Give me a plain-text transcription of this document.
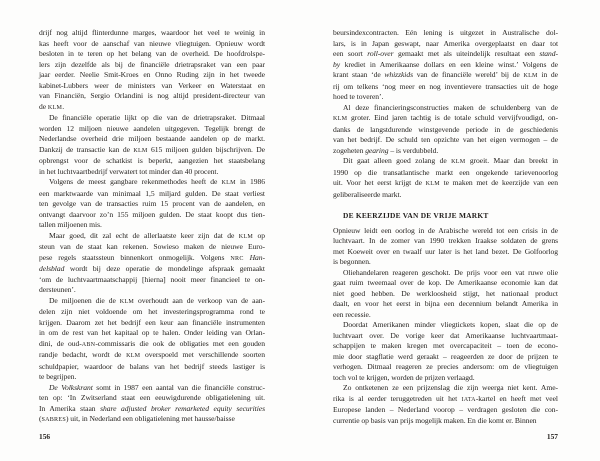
drijf nog altijd flinterdunne marges, waardoor het veel te weinig in
kas heeft voor de aanschaf van nieuwe vliegtuigen. Opnieuw wordt
besloten in te teren op het belang van de overheid. De hoofdrolspe-
lers zijn dezelfde als bij de financiële drietrapsraket van een paar
jaar eerder. Neelie Smit-Kroes en Onno Ruding zijn in het tweede
kabinet-Lubbers weer de ministers van Verkeer en Waterstaat en
van Financiën, Sergio Orlandini is nog altijd president-directeur van
de KLM.
De financiële operatie lijkt op die van de drietrapsraket. Ditmaal
worden 12 miljoen nieuwe aandelen uitgegeven. Tegelijk brengt de
Nederlandse overheid drie miljoen bestaande aandelen op de markt.
Dankzij de transactie kan de KLM 615 miljoen gulden bijschrijven. De
opbrengst voor de schatkist is beperkt, aangezien het staatsbelang
in het luchtvaartbedrijf verwatert tot minder dan 40 procent.
Volgens de meest gangbare rekenmethodes heeft de KLM in 1986
een marktwaarde van minimaal 1,5 miljard gulden. De staat verliest
ten gevolge van de transacties ruim 15 procent van de aandelen, en
ontvangt daarvoor zo’n 155 miljoen gulden. De staat koopt dus tien-
tallen miljoenen mis.
Maar goed, dit zal echt de allerlaatste keer zijn dat de KLM op
steun van de staat kan rekenen. Sowieso maken de nieuwe Euro-
pese regels staatssteun binnenkort onmogelijk. Volgens NRC Han-
delsblad wordt bij deze operatie de mondelinge afspraak gemaakt
‘om de luchtvaartmaatschappij [hierna] nooit meer financieel te on-
dersteunen’.
De miljoenen die de KLM overhoudt aan de verkoop van de aan-
delen zijn niet voldoende om het investeringsprogramma rond te
krijgen. Daarom zet het bedrijf een keur aan financiële instrumenten
in om de rest van het kapitaal op te halen. Onder leiding van Orlan-
dini, de oud-ABN-commissaris die ook de obligaties met een gouden
randje bedacht, wordt de KLM overspoeld met verschillende soorten
schuldpapier, waardoor de balans van het bedrijf steeds lastiger is
te begrijpen.
De Volkskrant somt in 1987 een aantal van die financiële construc-
ten op: ‘In Zwitserland staat een eeuwigdurende obligatielening uit.
In Amerika staan share adjusted broker remarketed equity securities
(SABRES) uit, in Nederland een obligatielening met hausse/baisse
beursindexcontracten. Eén lening is uitgezet in Australische dol-
lars, is in Japan geswapt, naar Amerika overgeplaatst en daar tot
een soort roll-over gemaakt met als uiteindelijk resultaat een stand-
by krediet in Amerikaanse dollars en een kleine winst.’ Volgens de
krant staan ‘de whizzkids van de financiële wereld’ bij de KLM in de
rij om telkens ‘nog meer en nog inventievere transacties uit de hoge
hoed te toveren’.
Al deze financieringsconstructies maken de schuldenberg van de
KLM groter. Eind jaren tachtig is de totale schuld vervijfvoudigd, on-
danks de langstdurende winstgevende periode in de geschiedenis
van het bedrijf. De schuld ten opzichte van het eigen vermogen – de
zogeheten gearing – is verdubbeld.
Dit gaat alleen goed zolang de KLM groeit. Maar dan breekt in
1990 op die transatlantische markt een ongekende tarievenoorlog
uit. Voor het eerst krijgt de KLM te maken met de keerzijde van een
geliberaliseerde markt.
DE KEERZIJDE VAN DE VRIJE MARKT
Opnieuw leidt een oorlog in de Arabische wereld tot een crisis in de
luchtvaart. In de zomer van 1990 trekken Iraakse soldaten de grens
met Koeweit over en twaalf uur later is het land bezet. De Golfoorlog
is begonnen.
Oliehandelaren reageren geschokt. De prijs voor een vat ruwe olie
gaat ruim tweemaal over de kop. De Amerikaanse economie kan dat
niet goed hebben. De werkloosheid stijgt, het nationaal product
daalt, en voor het eerst in bijna een decennium belandt Amerika in
een recessie.
Doordat Amerikanen minder vliegtickets kopen, slaat die op de
luchtvaart over. De vorige keer dat Amerikaanse luchtvaartmaat-
schappijen te maken kregen met overcapaciteit – toen de econo-
mie door stagflatie werd geraakt – reageerden ze door de prijzen te
verhogen. Ditmaal reageren ze precies andersom: om de vliegtuigen
toch vol te krijgen, worden de prijzen verlaagd.
Zo ontketenen ze een prijzenslag die zijn weerga niet kent. Ame-
rika is al eerder teruggetreden uit het IATA-kartel en heeft met veel
Europese landen – Nederland voorop – verdragen gesloten die con-
currentie op basis van prijs mogelijk maken. En die komt er. Binnen
156	157
